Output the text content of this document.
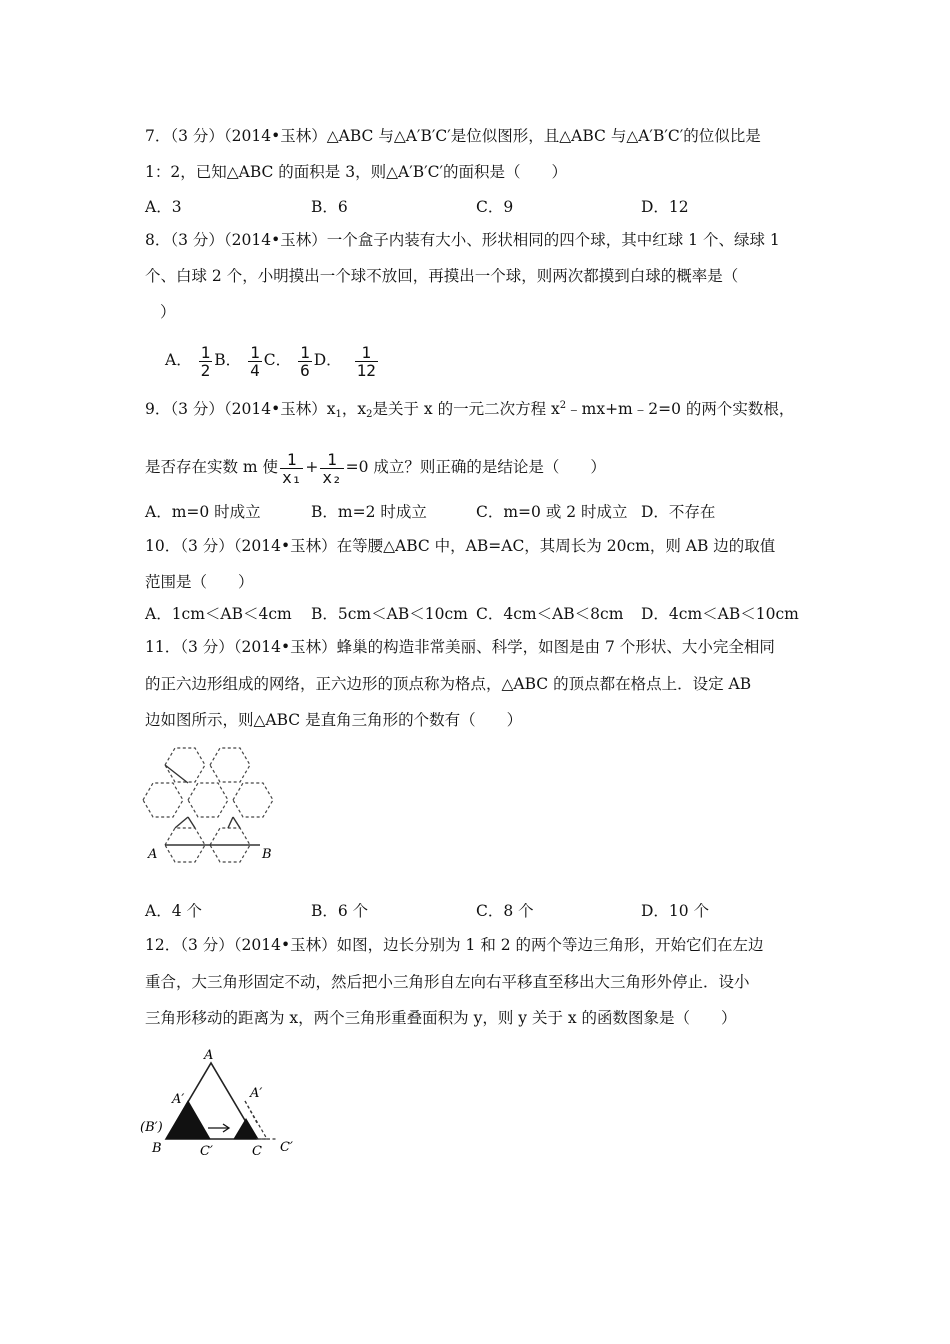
7．（3 分）（2014•玉林）△ABC 与△A′B′C′是位似图形，且△ABC 与△A′B′C′的位似比是
1：2，已知△ABC 的面积是 3，则△A′B′C′的面积是（　　）
A．3	B．6	C．9	D．12
8．（3 分）（2014•玉林）一个盒子内装有大小、形状相同的四个球，其中红球 1 个、绿球 1
个、白球 2 个，小明摸出一个球不放回，再摸出一个球，则两次都摸到白球的概率是（
）
A． $\frac{1}{2}$ B． $\frac{1}{4}$ C． $\frac{1}{6}$ D． $\frac{1}{12}$
9．（3 分）（2014•玉林）$x_1$，$x_2$是关于 x 的一元二次方程 $x^2﹣mx+m﹣2=0$ 的两个实数根，
是否存在实数 m 使 $\frac{1}{\text{x₁}} + \frac{1}{\text{x₂}} =0$ 成立？则正确的是结论是（　　）
A．m=0 时成立	B．m=2 时成立	C．m=0 或 2 时成立 D．不存在
10．（3 分）（2014•玉林）在等腰△ABC 中，AB=AC，其周长为 20cm，则 AB 边的取值
范围是（　　）
A．1cm＜AB＜4cm B．5cm＜AB＜10cm C．4cm＜AB＜8cm D．4cm＜AB＜10cm
11．（3 分）（2014•玉林）蜂巢的构造非常美丽、科学，如图是由 7 个形状、大小完全相同
的正六边形组成的网络，正六边形的顶点称为格点，△ABC 的顶点都在格点上．设定 AB
边如图所示，则△ABC 是直角三角形的个数有（　　）
A	B
A．4 个	B．6 个	C．8 个	D．10 个
12．（3 分）（2014•玉林）如图，边长分别为 1 和 2 的两个等边三角形，开始它们在左边
重合，大三角形固定不动，然后把小三角形自左向右平移直至移出大三角形外停止．设小
三角形移动的距离为 x，两个三角形重叠面积为 y，则 y 关于 x 的函数图象是（　　）
A
A′	A′
(B′)
B	C′	C C′
